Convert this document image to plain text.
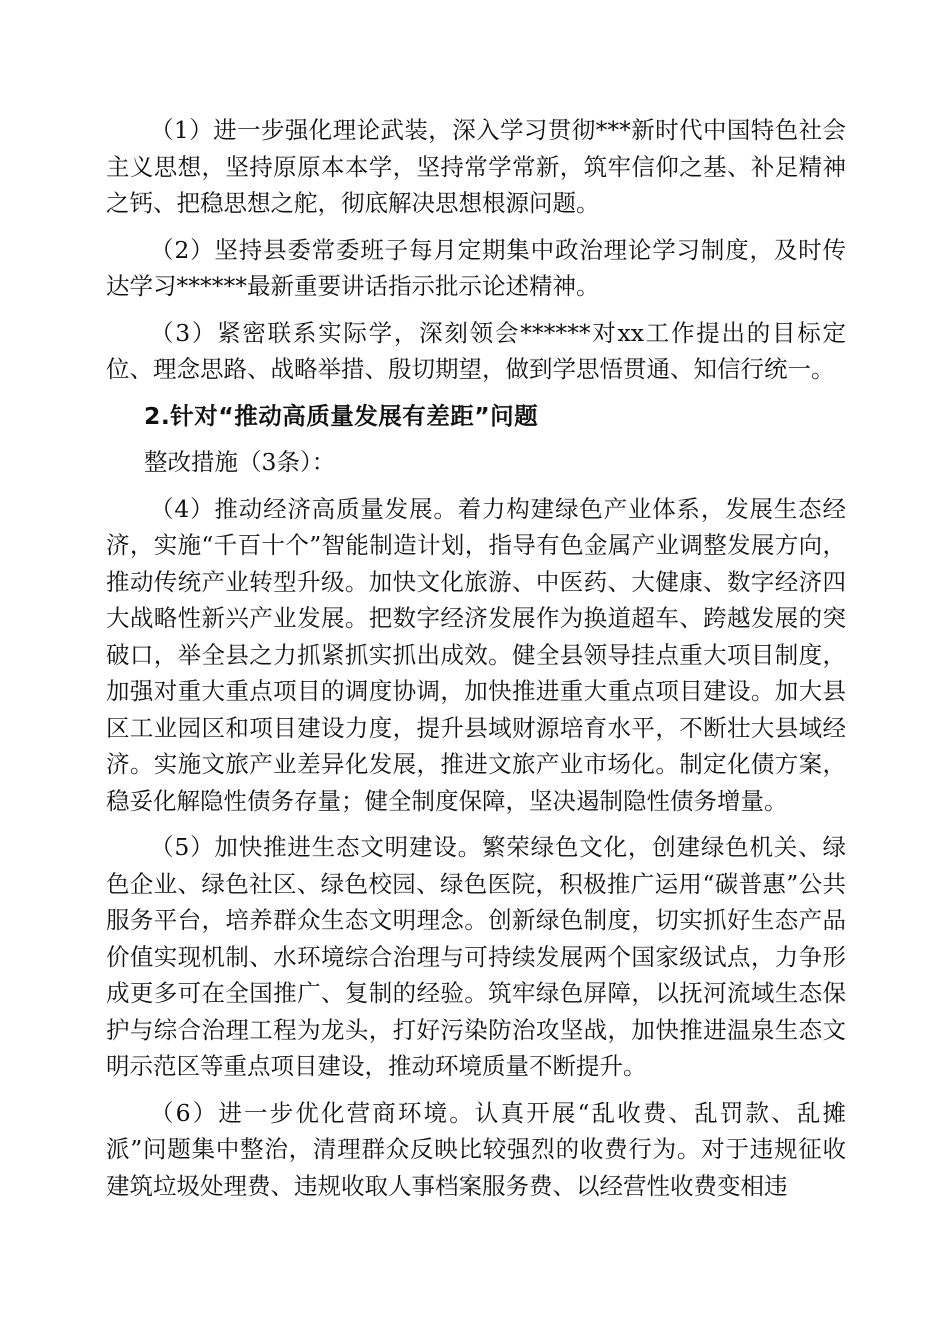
（1）进一步强化理论武装，深入学习贯彻***新时代中国特色社会主义思想，坚持原原本本学，坚持常学常新，筑牢信仰之基、补足精神之钙、把稳思想之舵，彻底解决思想根源问题。

（2）坚持县委常委班子每月定期集中政治理论学习制度，及时传达学习******最新重要讲话指示批示论述精神。

（3）紧密联系实际学，深刻领会******对xx工作提出的目标定位、理念思路、战略举措、殷切期望，做到学思悟贯通、知信行统一。

2.针对“推动高质量发展有差距”问题

整改措施（3条）：

（4）推动经济高质量发展。着力构建绿色产业体系，发展生态经济，实施“千百十个”智能制造计划，指导有色金属产业调整发展方向，推动传统产业转型升级。加快文化旅游、中医药、大健康、数字经济四大战略性新兴产业发展。把数字经济发展作为换道超车、跨越发展的突破口，举全县之力抓紧抓实抓出成效。健全县领导挂点重大项目制度，加强对重大重点项目的调度协调，加快推进重大重点项目建设。加大县区工业园区和项目建设力度，提升县域财源培育水平，不断壮大县域经济。实施文旅产业差异化发展，推进文旅产业市场化。制定化债方案，稳妥化解隐性债务存量；健全制度保障，坚决遏制隐性债务增量。

（5）加快推进生态文明建设。繁荣绿色文化，创建绿色机关、绿色企业、绿色社区、绿色校园、绿色医院，积极推广运用“碳普惠”公共服务平台，培养群众生态文明理念。创新绿色制度，切实抓好生态产品价值实现机制、水环境综合治理与可持续发展两个国家级试点，力争形成更多可在全国推广、复制的经验。筑牢绿色屏障，以抚河流域生态保护与综合治理工程为龙头，打好污染防治攻坚战，加快推进温泉生态文明示范区等重点项目建设，推动环境质量不断提升。

（6）进一步优化营商环境。认真开展“乱收费、乱罚款、乱摊派”问题集中整治，清理群众反映比较强烈的收费行为。对于违规征收建筑垃圾处理费、违规收取人事档案服务费、以经营性收费变相违
